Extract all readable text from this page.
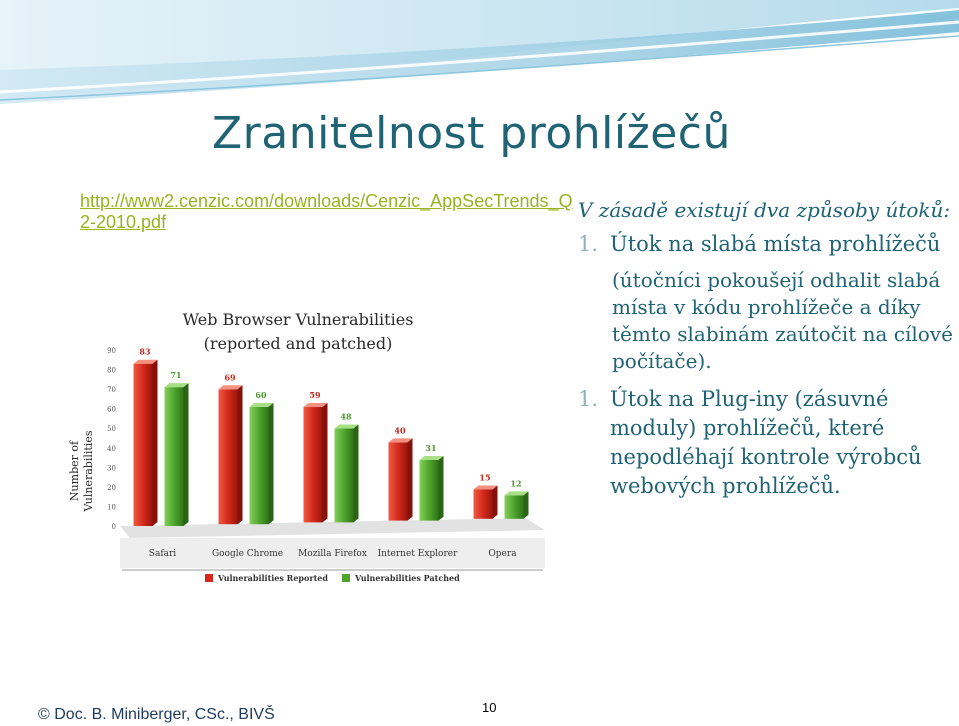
Zranitelnost prohlížečů
http://www2.cenzic.com/downloads/Cenzic_AppSecTrends_Q2-2010.pdf	V zásadě existují dva způsoby útoků:

1. Útok na slabá místa prohlížečů

(útočníci pokoušejí odhalit slabá místa v kódu prohlížeče a díky těmto slabinám zaútočit na cílové počítače).

1. Útok na Plug-iny (zásuvné moduly) prohlížečů, které nepodléhají kontrole výrobců webových prohlížečů.

Web Browser Vulnerabilities
(reported and patched)
Number of Vulnerabilities
0
10
20
30
40
50
60
70
80
90	83
71	69
60	59
48
40
31
15
12
Safari	Google Chrome Mozilla Firefox Internet Explorer	Opera
Vulnerabilities Reported	Vulnerabilities Patched
© Doc. B. Miniberger, CSc., BIVŠ	10
